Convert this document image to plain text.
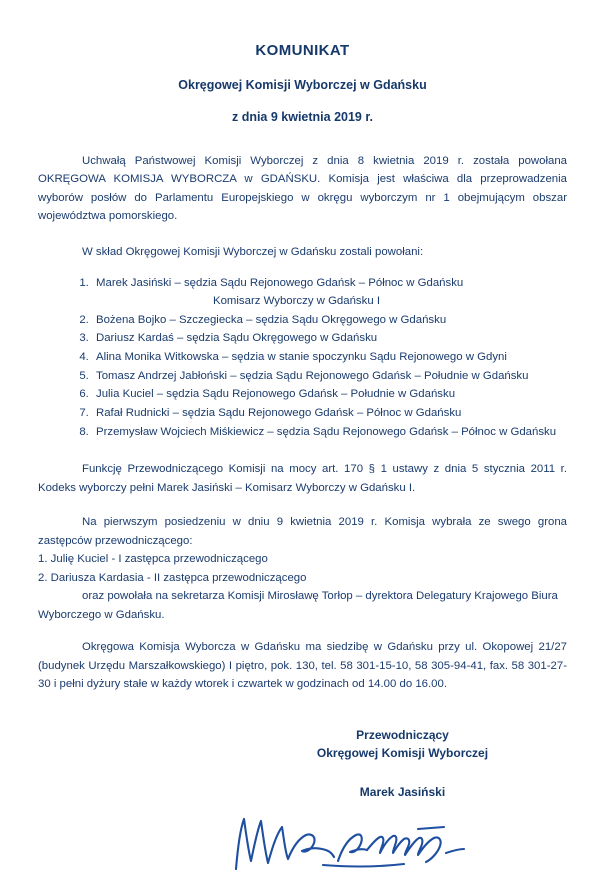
KOMUNIKAT
Okręgowej Komisji Wyborczej w Gdańsku
z dnia 9 kwietnia 2019 r.

Uchwałą Państwowej Komisji Wyborczej z dnia 8 kwietnia 2019 r. została powołana OKRĘGOWA KOMISJA WYBORCZA w GDAŃSKU. Komisja jest właściwa dla przeprowadzenia wyborów posłów do Parlamentu Europejskiego w okręgu wyborczym nr 1 obejmującym obszar województwa pomorskiego.

W skład Okręgowej Komisji Wyborczej w Gdańsku zostali powołani:

1. Marek Jasiński – sędzia Sądu Rejonowego Gdańsk – Północ w Gdańsku
Komisarz Wyborczy w Gdańsku I
2. Bożena Bojko – Szczegiecka – sędzia Sądu Okręgowego w Gdańsku
3. Dariusz Kardaś – sędzia Sądu Okręgowego w Gdańsku
4. Alina Monika Witkowska – sędzia w stanie spoczynku Sądu Rejonowego w Gdyni
5. Tomasz Andrzej Jabłoński – sędzia Sądu Rejonowego Gdańsk – Południe w Gdańsku
6. Julia Kuciel – sędzia Sądu Rejonowego Gdańsk – Południe w Gdańsku
7. Rafał Rudnicki – sędzia Sądu Rejonowego Gdańsk – Północ w Gdańsku
8. Przemysław Wojciech Miśkiewicz – sędzia Sądu Rejonowego Gdańsk – Północ w Gdańsku

Funkcję Przewodniczącego Komisji na mocy art. 170 § 1 ustawy z dnia 5 stycznia 2011 r. Kodeks wyborczy pełni Marek Jasiński – Komisarz Wyborczy w Gdańsku I.

Na pierwszym posiedzeniu w dniu 9 kwietnia 2019 r. Komisja wybrała ze swego grona zastępców przewodniczącego:

1. Julię Kuciel - I zastępca przewodniczącego

2. Dariusza Kardasia - II zastępca przewodniczącego

oraz powołała na sekretarza Komisji Mirosławę Torłop – dyrektora Delegatury Krajowego Biura Wyborczego w Gdańsku.

Okręgowa Komisja Wyborcza w Gdańsku ma siedzibę w Gdańsku przy ul. Okopowej 21/27 (budynek Urzędu Marszałkowskiego) I piętro, pok. 130, tel. 58 301-15-10, 58 305-94-41, fax. 58 301-27-30 i pełni dyżury stałe w każdy wtorek i czwartek w godzinach od 14.00 do 16.00.

Przewodniczący
Okręgowej Komisji Wyborczej
Marek Jasiński
